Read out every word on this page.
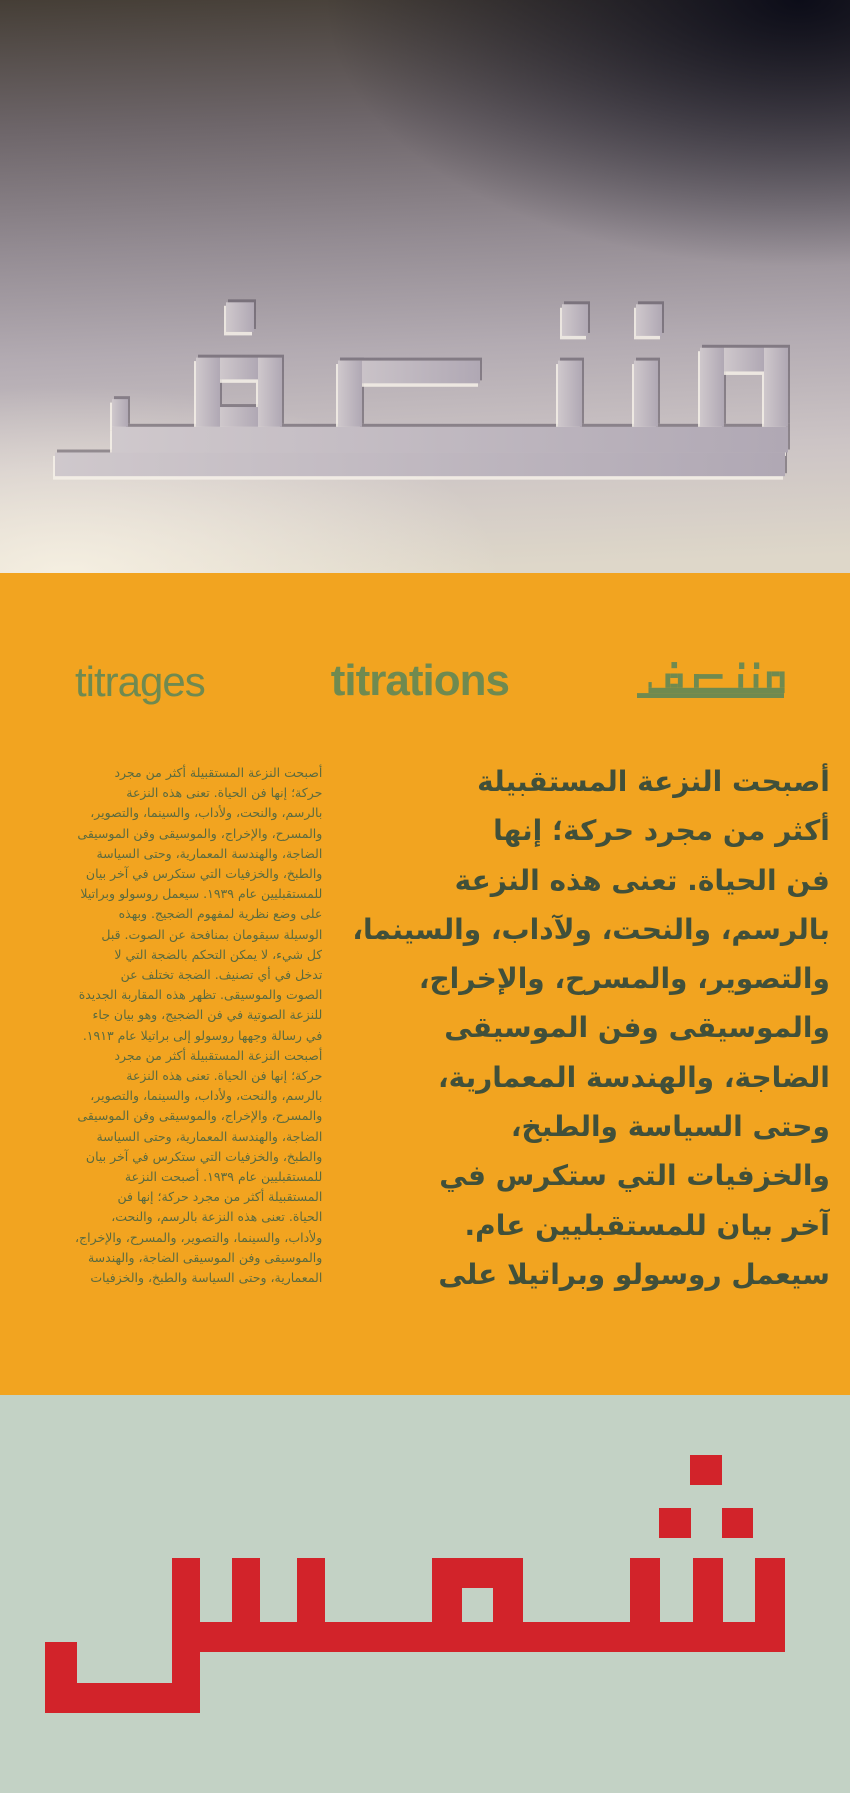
titrages	titrations
أصبحت النزعة المستقبيلة
أكثر من مجرد حركة؛ إنها
فن الحياة. تعنى هذه النزعة
بالرسم، والنحت، ولآداب، والسينما،
والتصوير، والمسرح، والإخراج،
والموسيقى وفن الموسيقى
الضاجة، والهندسة المعمارية،
وحتى السياسة والطبخ،
والخزفيات التي ستكرس في
آخر بيان للمستقبليين عام.
سيعمل روسولو وبراتيلا على
أصبحت النزعة المستقبيلة أكثر من مجرد
حركة؛ إنها فن الحياة. تعنى هذه النزعة
بالرسم، والنحت، ولأداب، والسينما، والتصوير،
والمسرح، والإخراج، والموسيقى وفن الموسيقى
الضاجة، والهندسة المعمارية، وحتى السياسة
والطبخ، والخزفيات التي ستكرس في آخر بيان
للمستقبليين عام ١٩٣٩. سيعمل روسولو وبراتيلا
على وضع نظرية لمفهوم الضجيج. وبهذه
الوسيلة سيقومان بمنافحة عن الصوت. قبل
كل شيء، لا يمكن التحكم بالضجة التي لا
تدخل في أي تصنيف. الضجة تختلف عن
الصوت والموسيقى. تظهر هذه المقاربة الجديدة
للنزعة الصوتية في فن الضجيج، وهو بيان جاء
في رسالة وجهها روسولو إلى براتيلا عام ١٩١٣.
أصبحت النزعة المستقبيلة أكثر من مجرد
حركة؛ إنها فن الحياة. تعنى هذه النزعة
بالرسم، والنحت، ولأداب، والسينما، والتصوير،
والمسرح، والإخراج، والموسيقى وفن الموسيقى
الضاجة، والهندسة المعمارية، وحتى السياسة
والطبخ، والخزفيات التي ستكرس في آخر بيان
للمستقبليين عام ١٩٣٩. أصبحت النزعة
المستقبيلة أكثر من مجرد حركة؛ إنها فن
الحياة. تعنى هذه النزعة بالرسم، والنحت،
ولأداب، والسينما، والتصوير، والمسرح، والإخراج،
والموسيقى وفن الموسيقى الضاجة، والهندسة
المعمارية، وحتى السياسة والطبخ، والخزفيات
